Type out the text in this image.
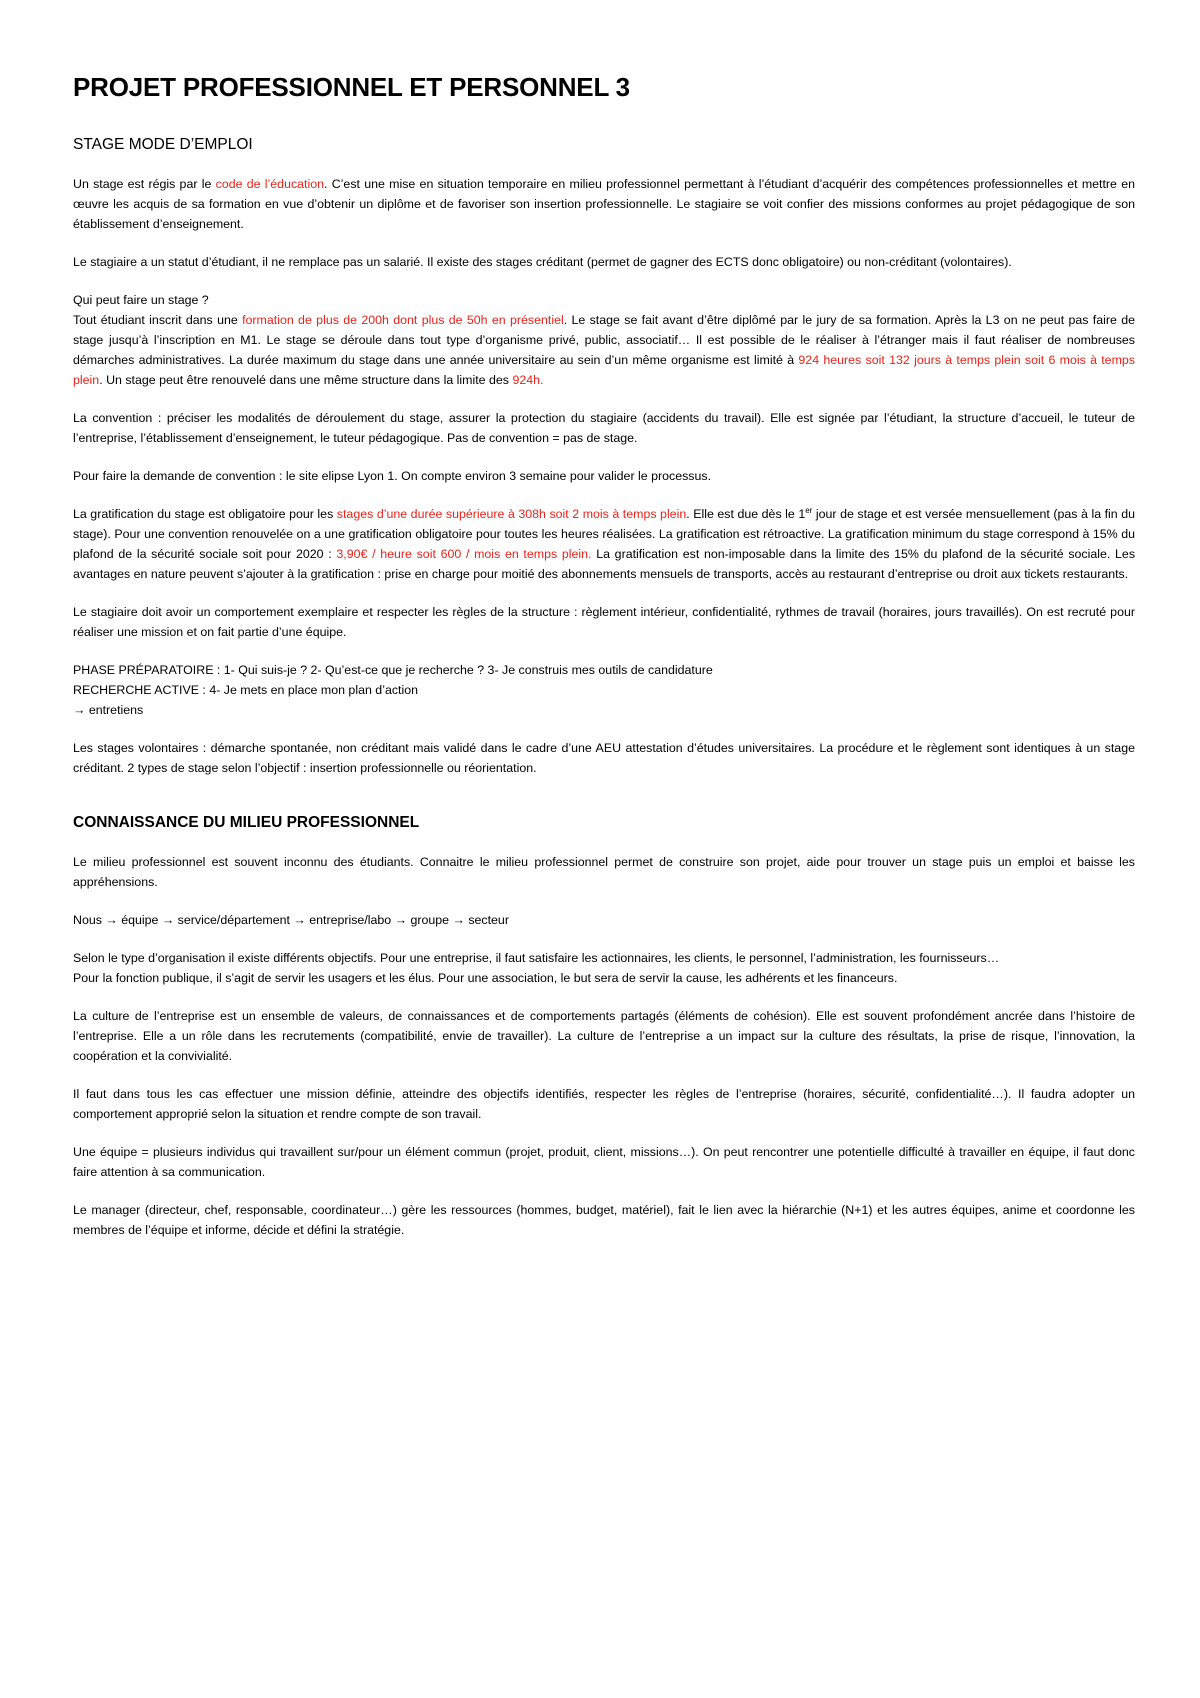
PROJET PROFESSIONNEL ET PERSONNEL 3
STAGE MODE D’EMPLOI

Un stage est régis par le code de l’éducation. C’est une mise en situation temporaire en milieu professionnel permettant à l’étudiant d’acquérir des compétences professionnelles et mettre en œuvre les acquis de sa formation en vue d’obtenir un diplôme et de favoriser son insertion professionnelle. Le stagiaire se voit confier des missions conformes au projet pédagogique de son établissement d’enseignement.

Le stagiaire a un statut d’étudiant, il ne remplace pas un salarié. Il existe des stages créditant (permet de gagner des ECTS donc obligatoire) ou non-créditant (volontaires).

Qui peut faire un stage ?

Tout étudiant inscrit dans une formation de plus de 200h dont plus de 50h en présentiel. Le stage se fait avant d’être diplômé par le jury de sa formation. Après la L3 on ne peut pas faire de stage jusqu’à l’inscription en M1. Le stage se déroule dans tout type d’organisme privé, public, associatif… Il est possible de le réaliser à l’étranger mais il faut réaliser de nombreuses démarches administratives. La durée maximum du stage dans une année universitaire au sein d’un même organisme est limité à 924 heures soit 132 jours à temps plein soit 6 mois à temps plein. Un stage peut être renouvelé dans une même structure dans la limite des 924h.

La convention : préciser les modalités de déroulement du stage, assurer la protection du stagiaire (accidents du travail). Elle est signée par l’étudiant, la structure d’accueil, le tuteur de l’entreprise, l’établissement d’enseignement, le tuteur pédagogique. Pas de convention = pas de stage.

Pour faire la demande de convention : le site elipse Lyon 1. On compte environ 3 semaine pour valider le processus.

La gratification du stage est obligatoire pour les stages d’une durée supérieure à 308h soit 2 mois à temps plein. Elle est due dès le 1er jour de stage et est versée mensuellement (pas à la fin du stage). Pour une convention renouvelée on a une gratification obligatoire pour toutes les heures réalisées. La gratification est rétroactive. La gratification minimum du stage correspond à 15% du plafond de la sécurité sociale soit pour 2020 : 3,90€ / heure soit 600 / mois en temps plein. La gratification est non-imposable dans la limite des 15% du plafond de la sécurité sociale. Les avantages en nature peuvent s’ajouter à la gratification : prise en charge pour moitié des abonnements mensuels de transports, accès au restaurant d’entreprise ou droit aux tickets restaurants.

Le stagiaire doit avoir un comportement exemplaire et respecter les règles de la structure : règlement intérieur, confidentialité, rythmes de travail (horaires, jours travaillés). On est recruté pour réaliser une mission et on fait partie d’une équipe.

PHASE PRÉPARATOIRE : 1- Qui suis-je ? 2- Qu’est-ce que je recherche ? 3- Je construis mes outils de candidature

RECHERCHE ACTIVE : 4- Je mets en place mon plan d’action

→ entretiens

Les stages volontaires : démarche spontanée, non créditant mais validé dans le cadre d’une AEU attestation d’études universitaires. La procédure et le règlement sont identiques à un stage créditant. 2 types de stage selon l’objectif : insertion professionnelle ou réorientation.

CONNAISSANCE DU MILIEU PROFESSIONNEL

Le milieu professionnel est souvent inconnu des étudiants. Connaitre le milieu professionnel permet de construire son projet, aide pour trouver un stage puis un emploi et baisse les appréhensions.

Nous → équipe → service/département → entreprise/labo → groupe → secteur

Selon le type d’organisation il existe différents objectifs. Pour une entreprise, il faut satisfaire les actionnaires, les clients, le personnel, l’administration, les fournisseurs…

Pour la fonction publique, il s’agit de servir les usagers et les élus. Pour une association, le but sera de servir la cause, les adhérents et les financeurs.

La culture de l’entreprise est un ensemble de valeurs, de connaissances et de comportements partagés (éléments de cohésion). Elle est souvent profondément ancrée dans l’histoire de l’entreprise. Elle a un rôle dans les recrutements (compatibilité, envie de travailler). La culture de l’entreprise a un impact sur la culture des résultats, la prise de risque, l’innovation, la coopération et la convivialité.

Il faut dans tous les cas effectuer une mission définie, atteindre des objectifs identifiés, respecter les règles de l’entreprise (horaires, sécurité, confidentialité…). Il faudra adopter un comportement approprié selon la situation et rendre compte de son travail.

Une équipe = plusieurs individus qui travaillent sur/pour un élément commun (projet, produit, client, missions…). On peut rencontrer une potentielle difficulté à travailler en équipe, il faut donc faire attention à sa communication.

Le manager (directeur, chef, responsable, coordinateur…) gère les ressources (hommes, budget, matériel), fait le lien avec la hiérarchie (N+1) et les autres équipes, anime et coordonne les membres de l’équipe et informe, décide et défini la stratégie.
